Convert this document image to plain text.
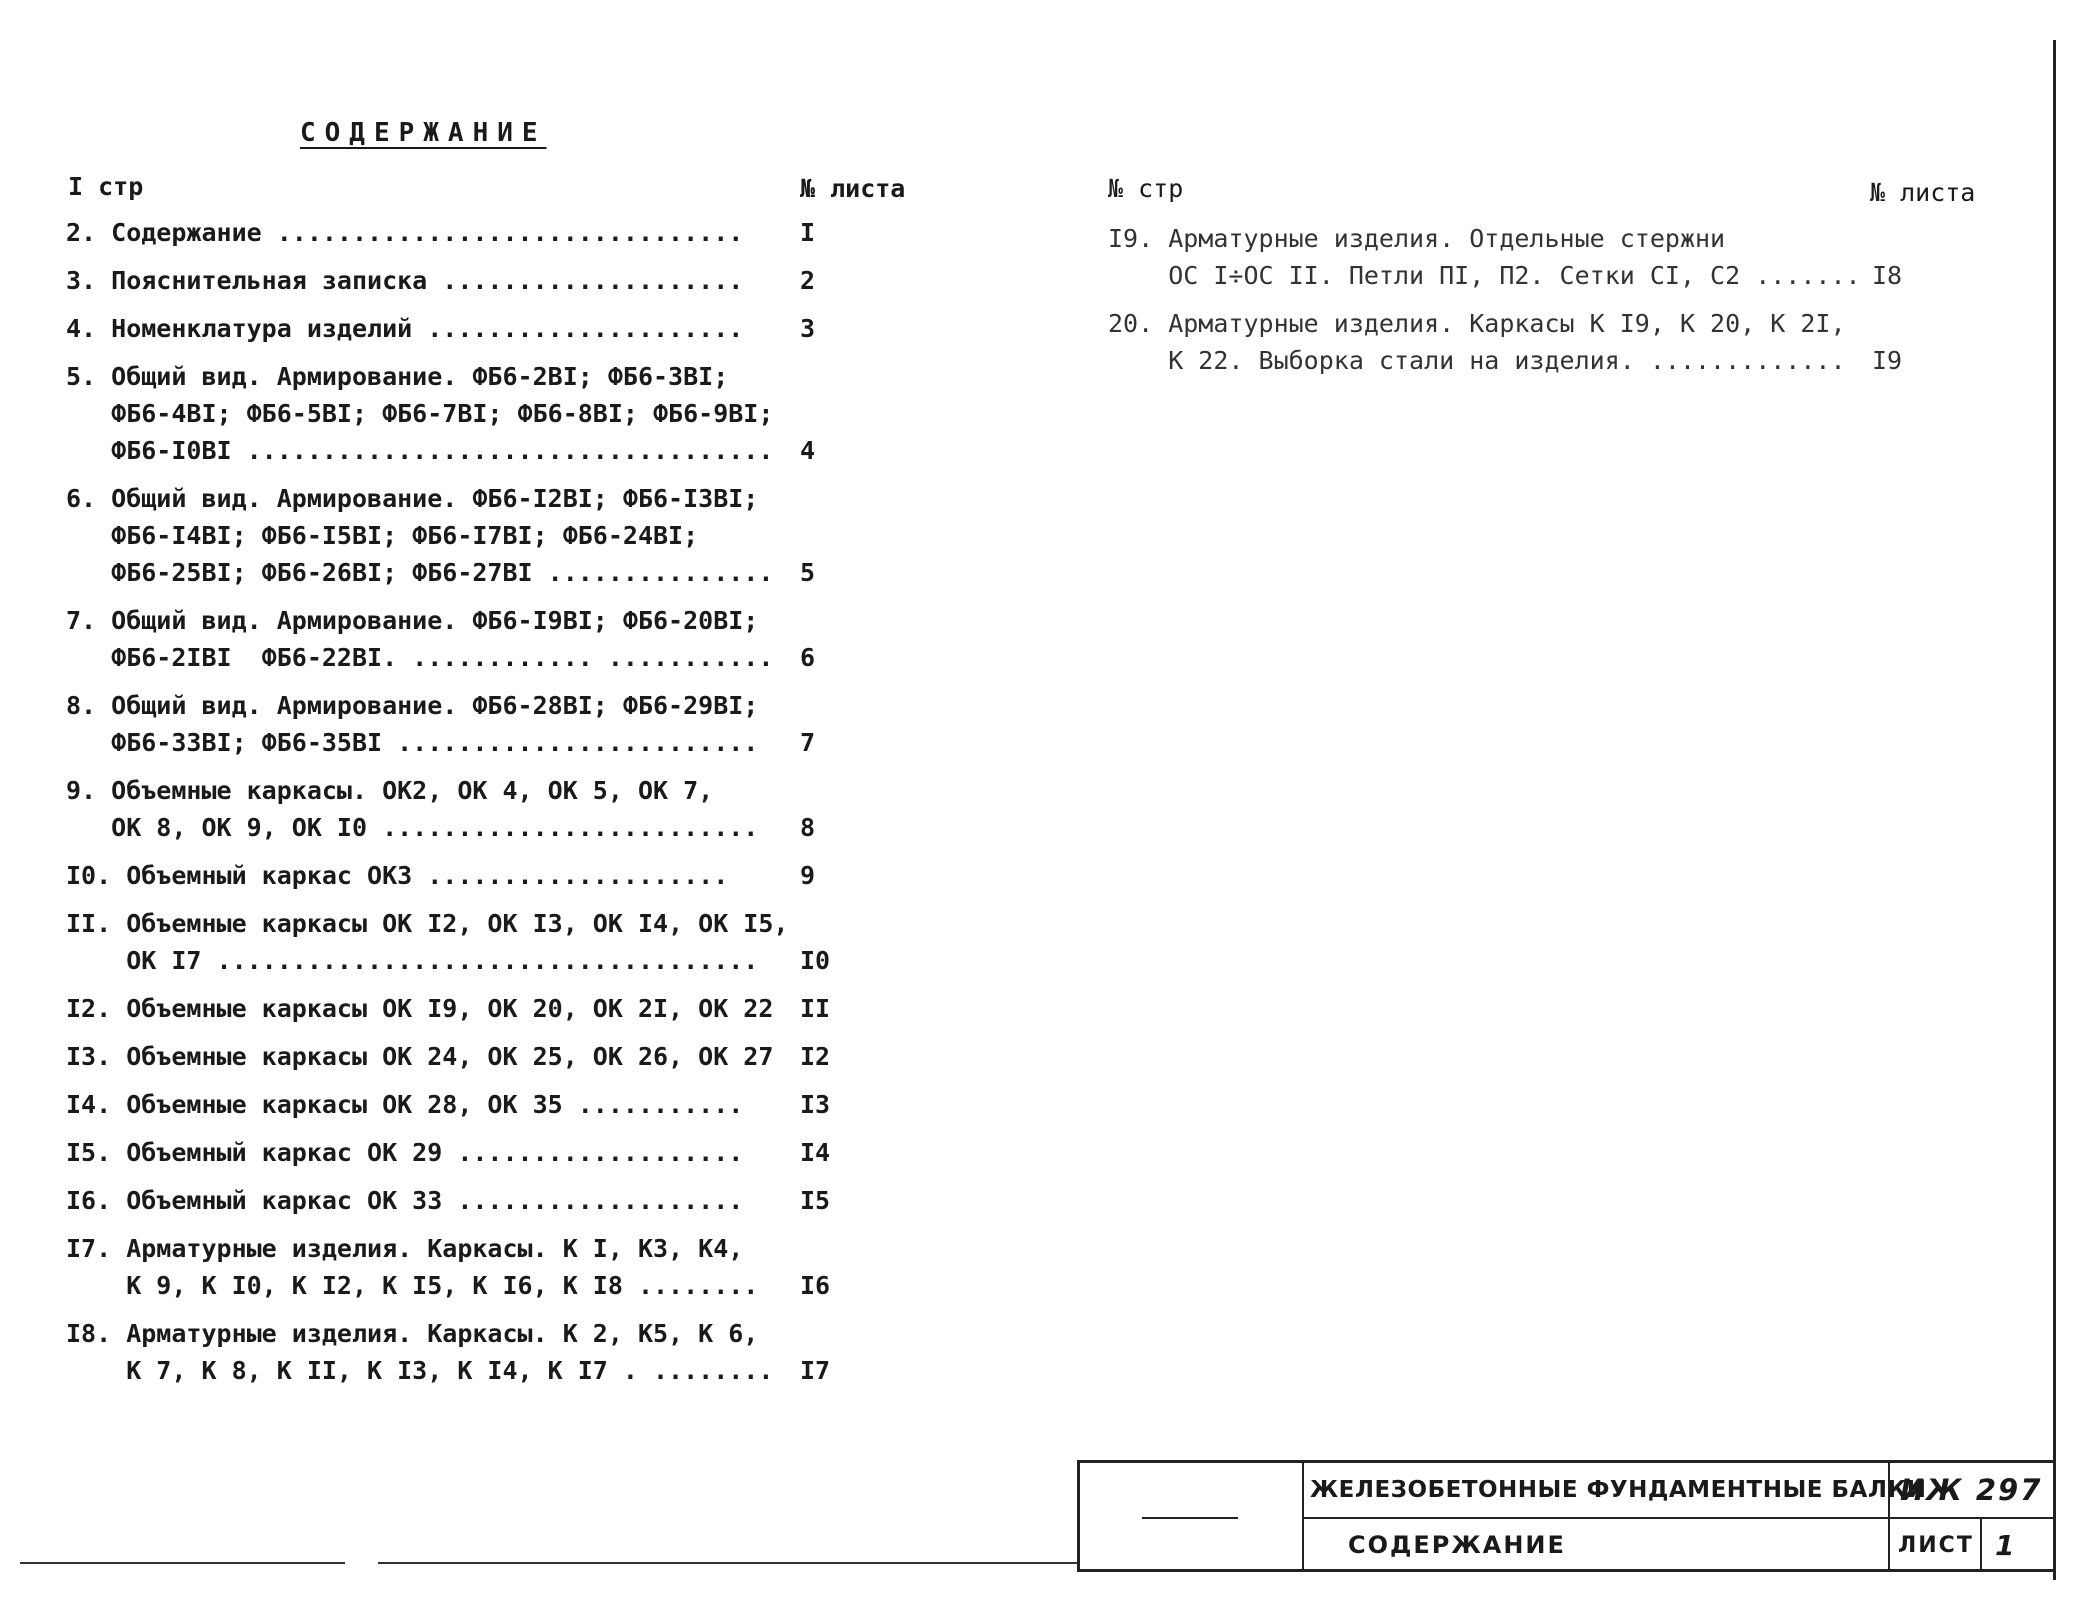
СОДЕРЖАНИЕ
I стр	№ листа
2. Содержание ............................... I
3. Пояснительная записка .................... 2
4. Номенклатура изделий ..................... 3
5. Общий вид. Армирование. ФБ6-2ВI; ФБ6-3ВI;
ФБ6-4ВI; ФБ6-5ВI; ФБ6-7ВI; ФБ6-8ВI; ФБ6-9ВI;
ФБ6-I0ВI ................................... 4
6. Общий вид. Армирование. ФБ6-I2ВI; ФБ6-I3ВI;
ФБ6-I4ВI; ФБ6-I5ВI; ФБ6-I7ВI; ФБ6-24ВI;
ФБ6-25ВI; ФБ6-26ВI; ФБ6-27ВI ............... 5
7. Общий вид. Армирование. ФБ6-I9ВI; ФБ6-20ВI;
ФБ6-2IВI  ФБ6-22ВI. ............ ........... 6
8. Общий вид. Армирование. ФБ6-28ВI; ФБ6-29ВI;
ФБ6-33ВI; ФБ6-35ВI ........................ 7
9. Объемные каркасы. ОК2, ОК 4, ОК 5, ОК 7,
ОК 8, ОК 9, ОК I0 ......................... 8
I0. Объемный каркас ОК3 ....................	9
II. Объемные каркасы ОК I2, ОК I3, ОК I4, ОК I5,
ОК I7 ....................................	I0
I2. Объемные каркасы ОК I9, ОК 20, ОК 2I, ОК 22 II
I3. Объемные каркасы ОК 24, ОК 25, ОК 26, ОК 27 I2
I4. Объемные каркасы ОК 28, ОК 35 ........... I3
I5. Объемный каркас ОК 29 ................... I4
I6. Объемный каркас ОК 33 ................... I5
I7. Арматурные изделия. Каркасы. К I, К3, К4,
К 9, К I0, К I2, К I5, К I6, К I8 ........ I6
I8. Арматурные изделия. Каркасы. К 2, К5, К 6,
К 7, К 8, К II, К I3, К I4, К I7 . ........ I7
№ стр	№ листа
I9. Арматурные изделия. Отдельные стержни
ОС I÷ОС II. Петли ПI, П2. Сетки СI, С2 ....... I8
20. Арматурные изделия. Каркасы К I9, К 20, К 2I,
К 22. Выборка стали на изделия. ............. I9
ЖЕЛЕЗОБЕТОННЫЕ ФУНДАМЕНТНЫЕ БАЛКИ
ИЖ 297
СОДЕРЖАНИЕ	ЛИСТ 1
